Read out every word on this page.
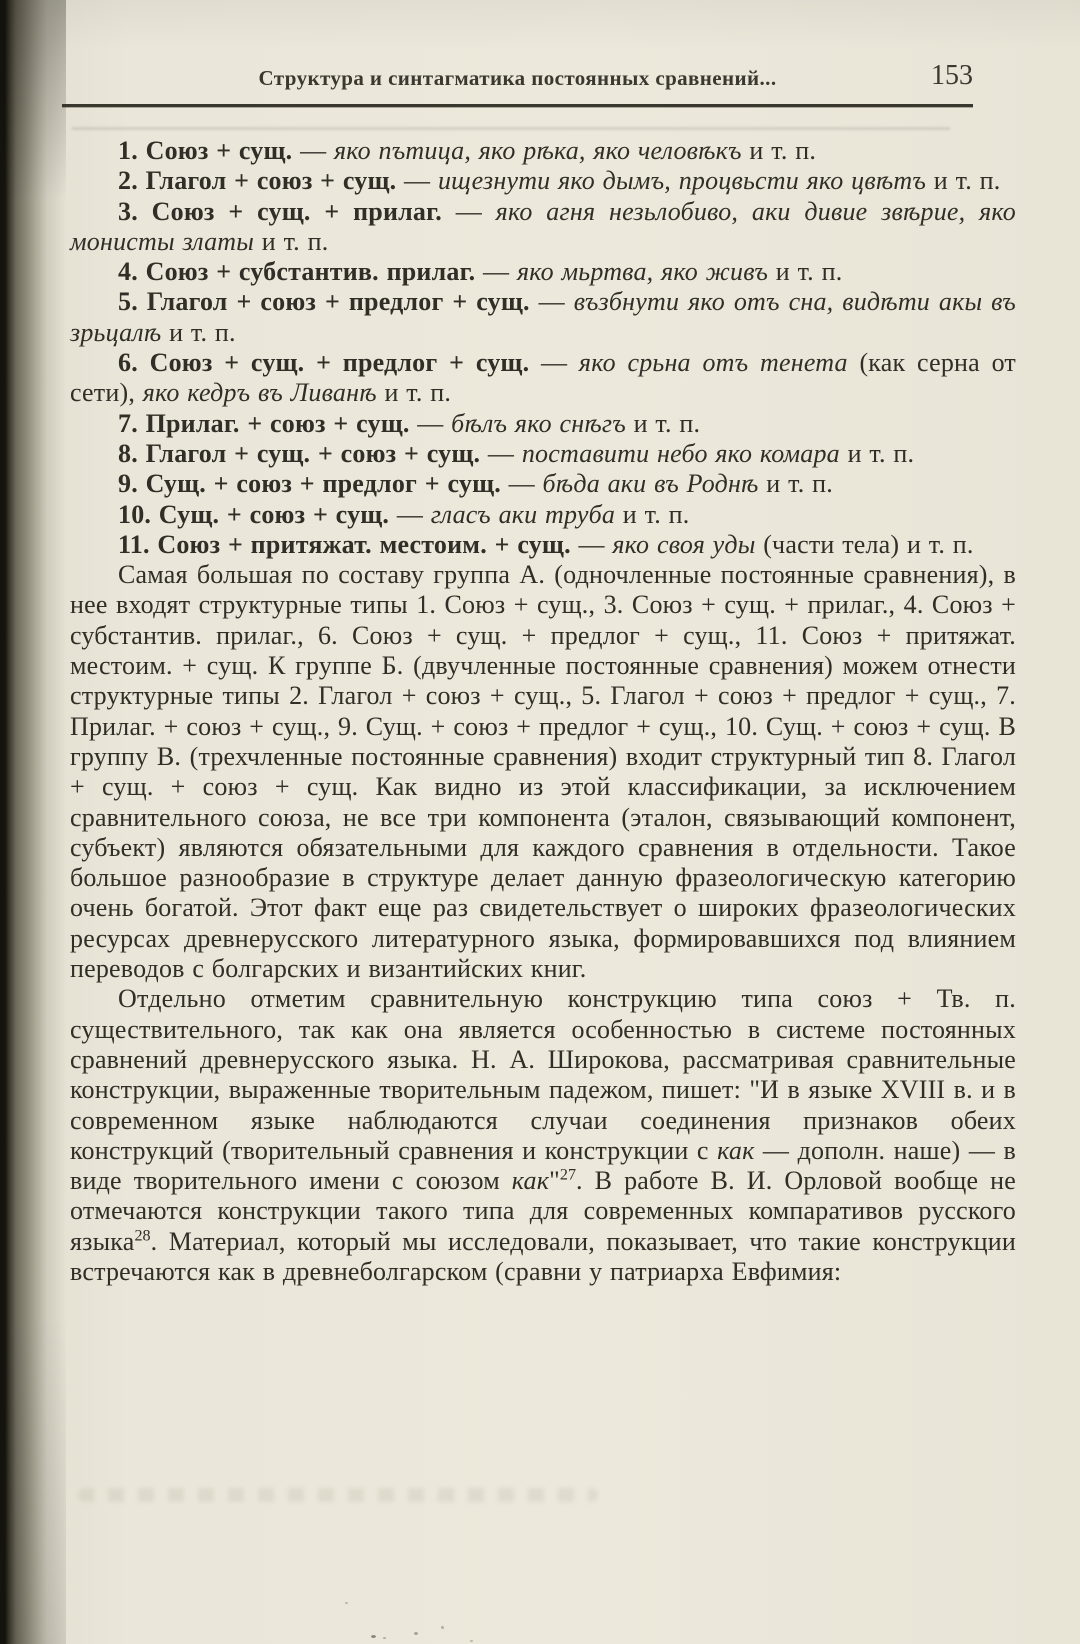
Структура и синтагматика постоянных сравнений...	153

1. Союз + сущ. — яко пътица, яко рѣка, яко человѣкъ и т. п.

2. Глагол + союз + сущ. — ищезнути яко дымъ, процвьсти яко цвѣтъ и т. п.

3. Союз + сущ. + прилаг. — яко агня незьлобиво, аки дивие звѣрие, яко монисты златы и т. п.

4. Союз + субстантив. прилаг. — яко мьртва, яко живъ и т. п.

5. Глагол + союз + предлог + сущ. — възбнути яко отъ сна, видѣти акы въ зрьцалѣ и т. п.

6. Союз + сущ. + предлог + сущ. — яко срьна отъ тенета (как серна от сети), яко кедръ въ Ливанѣ и т. п.

7. Прилаг. + союз + сущ. — бѣлъ яко снѣгъ и т. п.

8. Глагол + сущ. + союз + сущ. — поставити небо яко комара и т. п.

9. Сущ. + союз + предлог + сущ. — бѣда аки въ Роднѣ и т. п.

10. Сущ. + союз + сущ. — гласъ аки труба и т. п.

11. Союз + притяжат. местоим. + сущ. — яко своя уды (части тела) и т. п.

Самая большая по составу группа А. (одночленные постоянные сравнения), в нее входят структурные типы 1. Союз + сущ., 3. Союз + сущ. + прилаг., 4. Союз + субстантив. прилаг., 6. Союз + сущ. + предлог + сущ., 11. Союз + притяжат. местоим. + сущ. К группе Б. (двучленные постоянные сравнения) можем отнести структурные типы 2. Глагол + союз + сущ., 5. Глагол + союз + предлог + сущ., 7. Прилаг. + союз + сущ., 9. Сущ. + союз + предлог + сущ., 10. Сущ. + союз + сущ. В группу В. (трехчленные постоянные сравнения) входит структурный тип 8. Глагол + сущ. + союз + сущ. Как видно из этой классификации, за исключением сравнительного союза, не все три компонента (эталон, связывающий компонент, субъект) являются обязательными для каждого сравнения в отдельности. Такое большое разнообразие в структуре делает данную фразеологическую категорию очень богатой. Этот факт еще раз свидетельствует о широких фразеологических ресурсах древнерусского литературного языка, формировавшихся под влиянием переводов с болгарских и византийских книг.

Отдельно отметим сравнительную конструкцию типа союз + Тв. п. существительного, так как она является особенностью в системе постоянных сравнений древнерусского языка. Н. А. Широкова, рассматривая сравнительные конструкции, выраженные творительным падежом, пишет: "И в языке XVIII в. и в современном языке наблюдаются случаи соединения признаков обеих конструкций (творительный сравнения и конструкции с как — дополн. наше) — в виде творительного имени с союзом как"$^{27}$. В работе В. И. Орловой вообще не отмечаются конструкции такого типа для современных компаративов русского языка$^{28}$. Материал, который мы исследовали, показывает, что такие конструкции встречаются как в древнеболгарском (сравни у патриарха Евфимия:
